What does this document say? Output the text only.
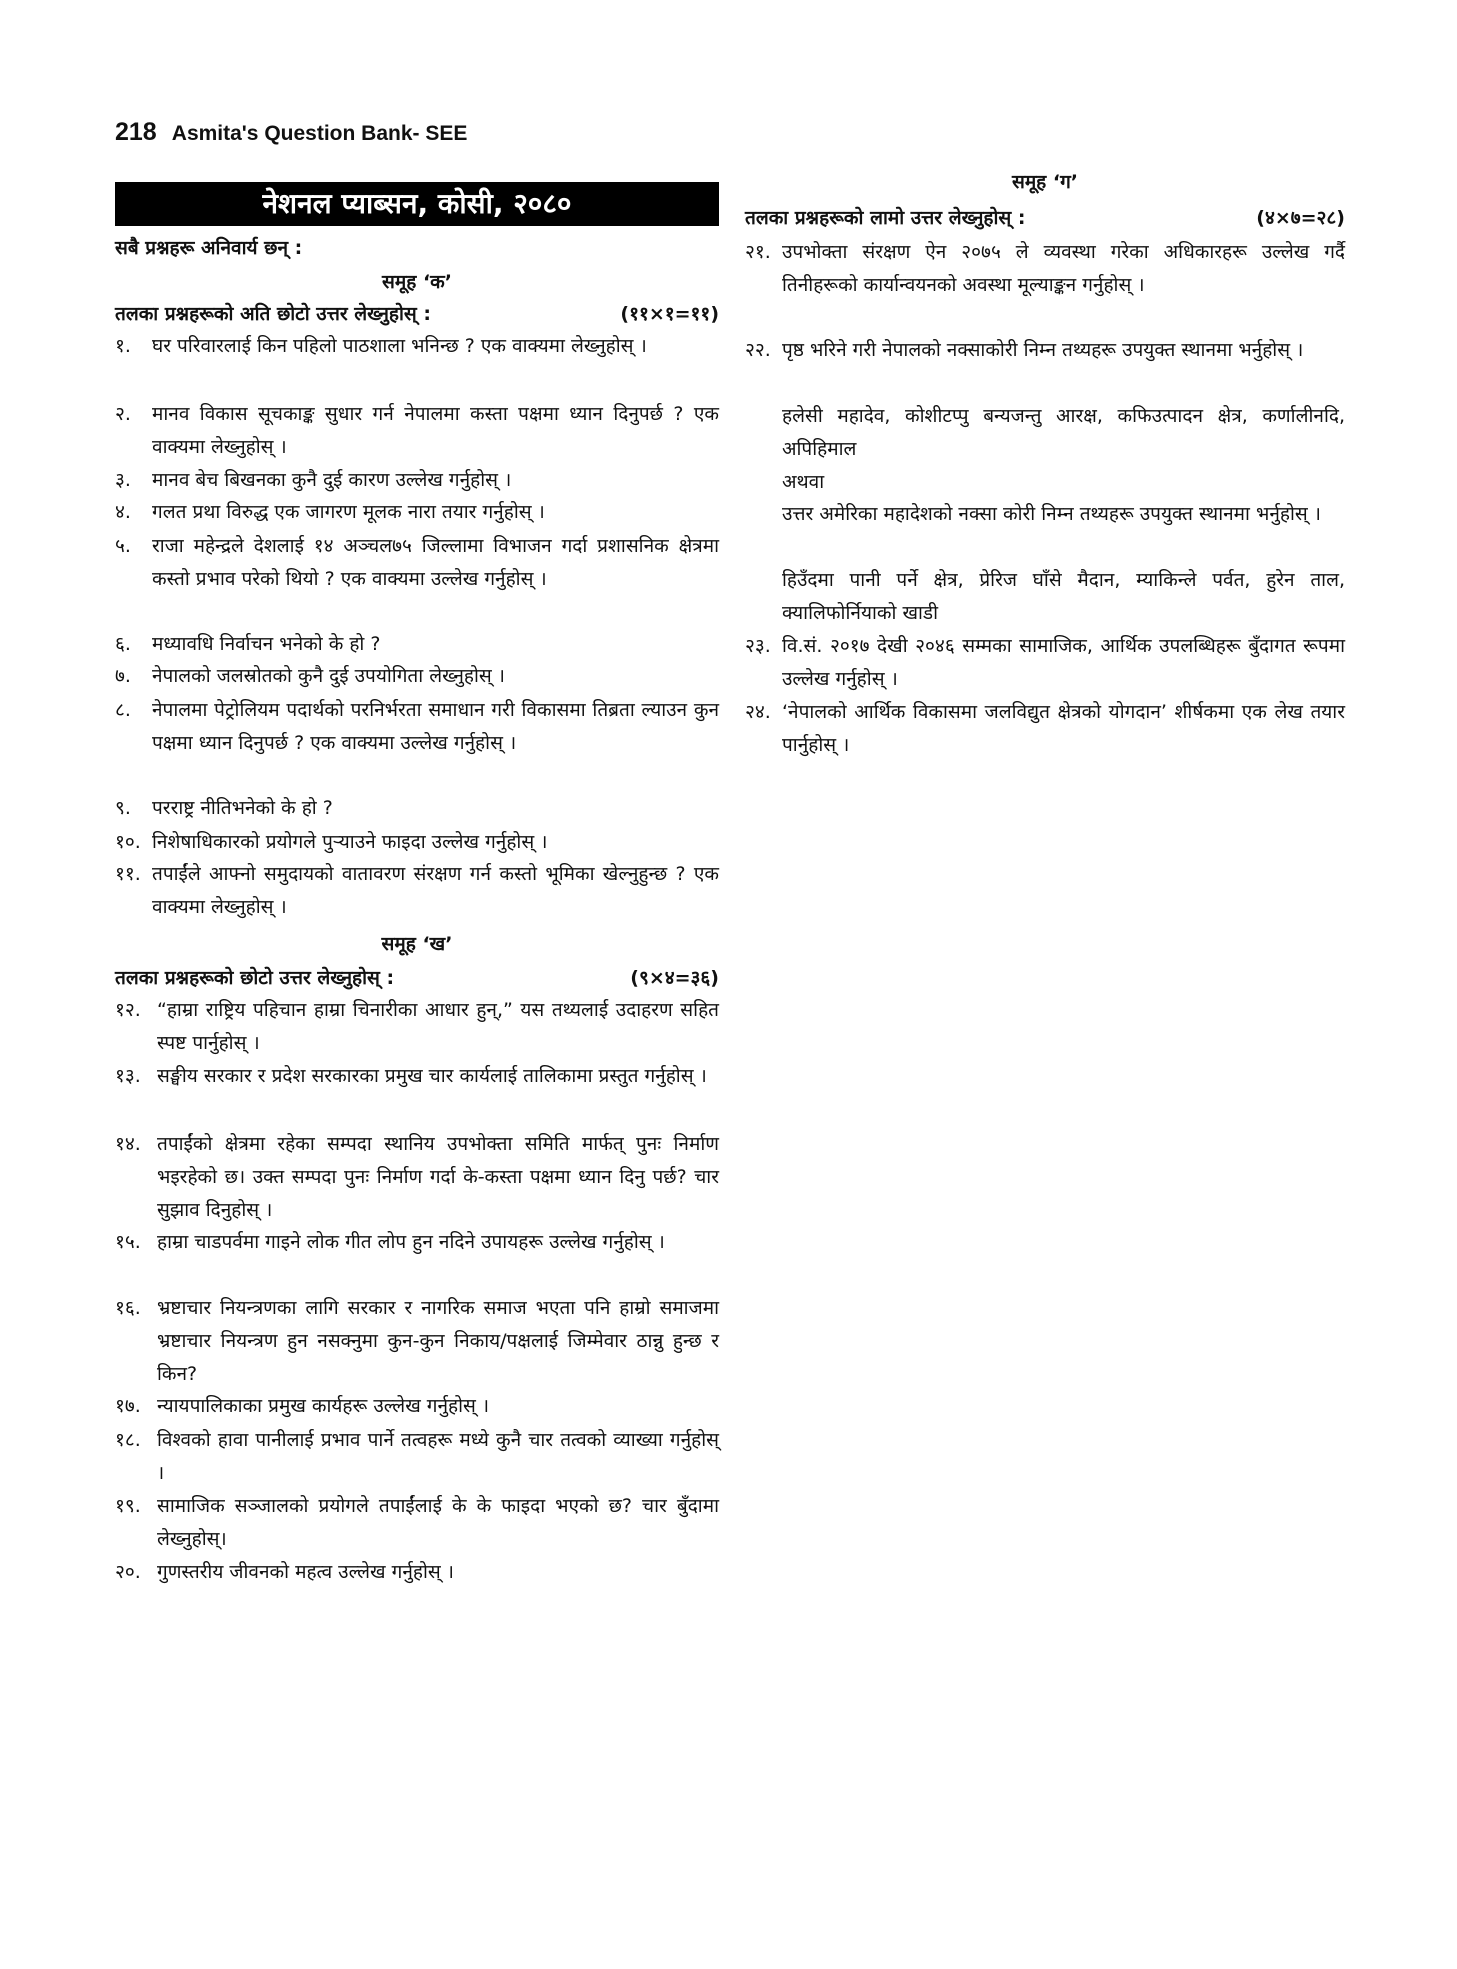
218 Asmita's Question Bank- SEE
नेशनल प्याब्सन, कोसी, २०८०
सबै प्रश्नहरू अनिवार्य छन् :
समूह ‘क’
तलका प्रश्नहरूको अति छोटो उत्तर लेख्नुहोस् :	(११×१=११)
१. घर परिवारलाई किन पहिलो पाठशाला भनिन्छ ? एक वाक्यमा लेख्नुहोस् ।
२. मानव विकास सूचकाङ्क सुधार गर्न नेपालमा कस्ता पक्षमा ध्यान दिनुपर्छ ? एक वाक्यमा लेख्नुहोस् ।
३. मानव बेच बिखनका कुनै दुई कारण उल्लेख गर्नुहोस् ।
४. गलत प्रथा विरुद्ध एक जागरण मूलक नारा तयार गर्नुहोस् ।
५. राजा महेन्द्रले देशलाई १४ अञ्चल७५ जिल्लामा विभाजन गर्दा प्रशासनिक क्षेत्रमा कस्तो प्रभाव परेको थियो ? एक वाक्यमा उल्लेख गर्नुहोस् ।
६. मध्यावधि निर्वाचन भनेको के हो ?
७. नेपालको जलस्रोतको कुनै दुई उपयोगिता लेख्नुहोस् ।
८. नेपालमा पेट्रोलियम पदार्थको परनिर्भरता समाधान गरी विकासमा तिब्रता ल्याउन कुन पक्षमा ध्यान दिनुपर्छ ? एक वाक्यमा उल्लेख गर्नुहोस् ।
९. परराष्ट्र नीतिभनेको के हो ?
१०. निशेषाधिकारको प्रयोगले पुऱ्याउने फाइदा उल्लेख गर्नुहोस् ।
११. तपाईंले आफ्नो समुदायको वातावरण संरक्षण गर्न कस्तो भूमिका खेल्नुहुन्छ ? एक वाक्यमा लेख्नुहोस् ।
समूह ‘ख’
तलका प्रश्नहरूको छोटो उत्तर लेख्नुहोस् :	(९×४=३६)
१२. “हाम्रा राष्ट्रिय पहिचान हाम्रा चिनारीका आधार हुन्,” यस तथ्यलाई उदाहरण सहित स्पष्ट पार्नुहोस् ।
१३. सङ्घीय सरकार र प्रदेश सरकारका प्रमुख चार कार्यलाई तालिकामा प्रस्तुत गर्नुहोस् ।
१४. तपाईंको क्षेत्रमा रहेका सम्पदा स्थानिय उपभोक्ता समिति मार्फत् पुनः निर्माण भइरहेको छ। उक्त सम्पदा पुनः निर्माण गर्दा के-कस्ता पक्षमा ध्यान दिनु पर्छ? चार सुझाव दिनुहोस् ।
१५. हाम्रा चाडपर्वमा गाइने लोक गीत लोप हुन नदिने उपायहरू उल्लेख गर्नुहोस् ।
१६. भ्रष्टाचार नियन्त्रणका लागि सरकार र नागरिक समाज भएता पनि हाम्रो समाजमा भ्रष्टाचार नियन्त्रण हुन नसक्नुमा कुन-कुन निकाय/पक्षलाई जिम्मेवार ठान्नु हुन्छ र किन?
१७. न्यायपालिकाका प्रमुख कार्यहरू उल्लेख गर्नुहोस् ।
१८. विश्वको हावा पानीलाई प्रभाव पार्ने तत्वहरू मध्ये कुनै चार तत्वको व्याख्या गर्नुहोस् ।
१९. सामाजिक सञ्जालको प्रयोगले तपाईंलाई के के फाइदा भएको छ? चार बुँदामा लेख्नुहोस्।
२०. गुणस्तरीय जीवनको महत्व उल्लेख गर्नुहोस् ।
समूह ‘ग’
तलका प्रश्नहरूको लामो उत्तर लेख्नुहोस् :	(४×७=२८)
२१. उपभोक्ता संरक्षण ऐन २०७५ ले व्यवस्था गरेका अधिकारहरू उल्लेख गर्दै तिनीहरूको कार्यान्वयनको अवस्था मूल्याङ्कन गर्नुहोस् ।
२२. पृष्ठ भरिने गरी नेपालको नक्साकोरी निम्न तथ्यहरू उपयुक्त स्थानमा भर्नुहोस् ।
हलेसी महादेव, कोशीटप्पु बन्यजन्तु आरक्ष, कफिउत्पादन क्षेत्र, कर्णालीनदि, अपिहिमाल
अथवा
उत्तर अमेरिका महादेशको नक्सा कोरी निम्न तथ्यहरू उपयुक्त स्थानमा भर्नुहोस् ।
हिउँदमा पानी पर्ने क्षेत्र, प्रेरिज घाँसे मैदान, म्याकिन्ले पर्वत, हुरेन ताल, क्यालिफोर्नियाको खाडी
२३. वि.सं. २०१७ देखी २०४६ सम्मका सामाजिक, आर्थिक उपलब्धिहरू बुँदागत रूपमा उल्लेख गर्नुहोस् ।
२४. ‘नेपालको आर्थिक विकासमा जलविद्युत क्षेत्रको योगदान’ शीर्षकमा एक लेख तयार पार्नुहोस् ।
